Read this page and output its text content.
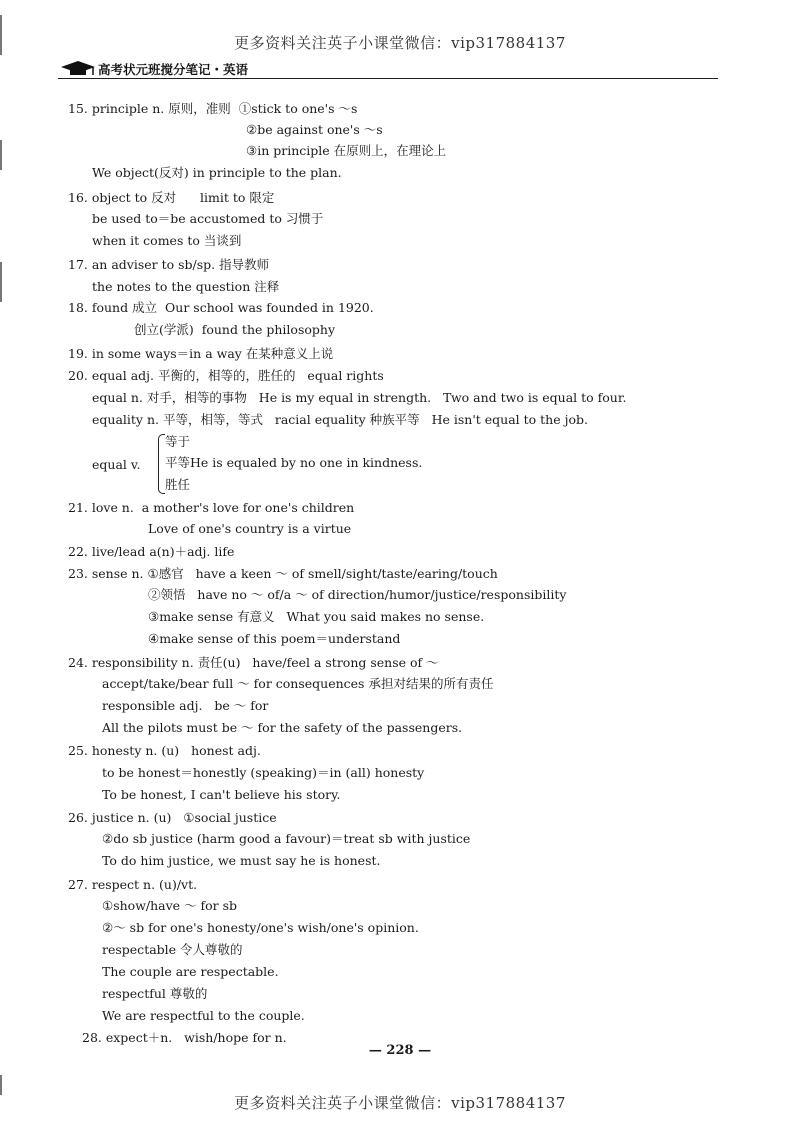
更多资料关注英子小课堂微信：vip317884137
高考状元班搅分笔记・英语
15. principle n. 原则，准则  ①stick to one's ～s
②be against one's ～s
③in principle 在原则上，在理论上
We object(反对) in principle to the plan.
16. object to 反对      limit to 限定
be used to＝be accustomed to 习惯于
when it comes to 当谈到
17. an adviser to sb/sp. 指导教师
the notes to the question 注释
18. found 成立  Our school was founded in 1920.
创立(学派)  found the philosophy
19. in some ways＝in a way 在某种意义上说
20. equal adj. 平衡的，相等的，胜任的   equal rights
equal n. 对手，相等的事物   He is my equal in strength.   Two and two is equal to four.
equality n. 平等，相等，等式   racial equality 种族平等   He isn't equal to the job.
等于
equal v. 平等He is equaled by no one in kindness.
胜任
21. love n.  a mother's love for one's children
Love of one's country is a virtue
22. live/lead a(n)＋adj. life
23. sense n. ①感官   have a keen ～ of smell/sight/taste/earing/touch
②领悟   have no ～ of/a ～ of direction/humor/justice/responsibility
③make sense 有意义   What you said makes no sense.
④make sense of this poem＝understand
24. responsibility n. 责任(u)   have/feel a strong sense of ～
accept/take/bear full ～ for consequences 承担对结果的所有责任
responsible adj.   be ～ for
All the pilots must be ～ for the safety of the passengers.
25. honesty n. (u)   honest adj.
to be honest＝honestly (speaking)＝in (all) honesty
To be honest, I can't believe his story.
26. justice n. (u)   ①social justice
②do sb justice (harm good a favour)＝treat sb with justice
To do him justice, we must say he is honest.
27. respect n. (u)/vt.
①show/have ～ for sb
②～ sb for one's honesty/one's wish/one's opinion.
respectable 令人尊敬的
The couple are respectable.
respectful 尊敬的
We are respectful to the couple.
28. expect＋n.   wish/hope for n.
— 228 —
更多资料关注英子小课堂微信：vip317884137
